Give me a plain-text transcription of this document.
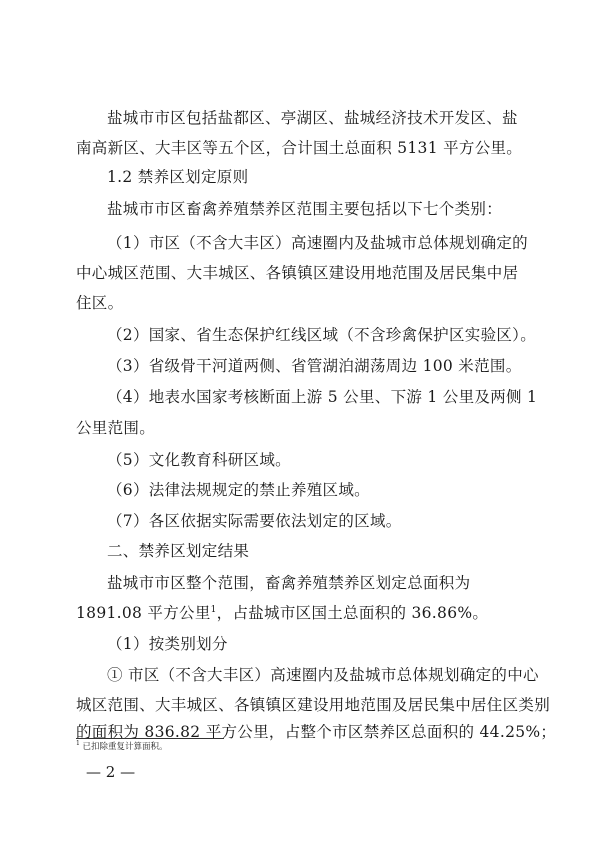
盐城市市区包括盐都区、亭湖区、盐城经济技术开发区、盐
南高新区、大丰区等五个区，合计国土总面积 5131 平方公里。
1.2 禁养区划定原则
盐城市市区畜禽养殖禁养区范围主要包括以下七个类别：
（1）市区（不含大丰区）高速圈内及盐城市总体规划确定的
中心城区范围、大丰城区、各镇镇区建设用地范围及居民集中居
住区。
（2）国家、省生态保护红线区域（不含珍禽保护区实验区）。
（3）省级骨干河道两侧、省管湖泊湖荡周边 100 米范围。
（4）地表水国家考核断面上游 5 公里、下游 1 公里及两侧 1
公里范围。
（5）文化教育科研区域。
（6）法律法规规定的禁止养殖区域。
（7）各区依据实际需要依法划定的区域。
二、禁养区划定结果
盐城市市区整个范围，畜禽养殖禁养区划定总面积为
1891.08 平方公里$^1$，占盐城市区国土总面积的 36.86%。
（1）按类别划分
① 市区（不含大丰区）高速圈内及盐城市总体规划确定的中心
城区范围、大丰城区、各镇镇区建设用地范围及居民集中居住区类别
的面积为 836.82 平方公里，占整个市区禁养区总面积的 44.25%；
$^1$ 已扣除重复计算面积。
— 2 —
